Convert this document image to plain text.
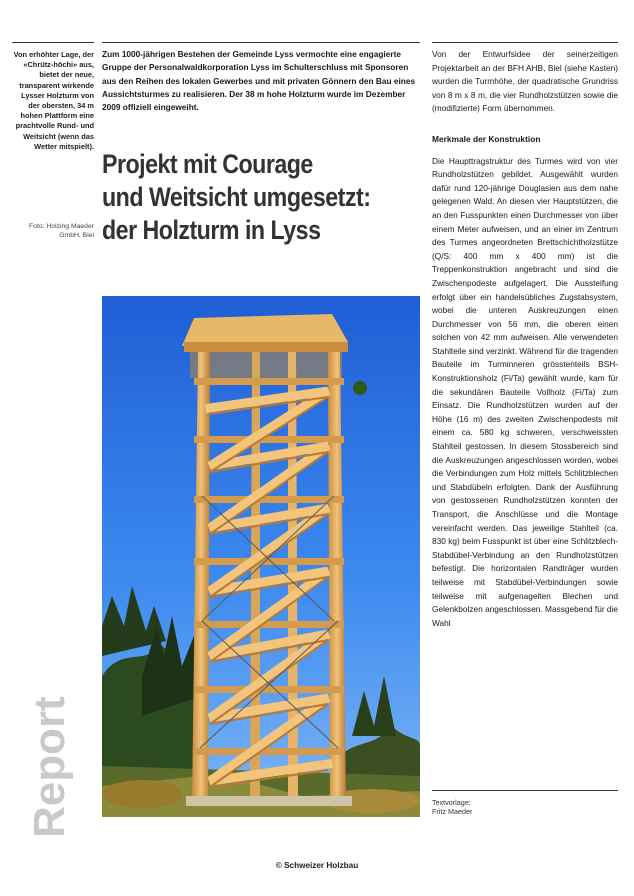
Von erhöhter Lage, der «Chrütz-höchi» aus, bietet der neue, transparent wirkende Lysser Holzturm von der obersten, 34 m hohen Plattform eine prachtvolle Rund- und Weitsicht (wenn das Wetter mitspielt).
Foto: Holzing Maeder GmbH, Biel
Report
Zum 1000-jährigen Bestehen der Gemeinde Lyss vermochte eine engagierte Gruppe der Personalwaldkorporation Lyss im Schulterschluss mit Sponsoren aus den Reihen des lokalen Gewerbes und mit privaten Gönnern den Bau eines Aussichtsturmes zu realisieren. Der 38 m hohe Holzturm wurde im Dezember 2009 offiziell eingeweiht.
Projekt mit Courage
und Weitsicht umgesetzt:
der Holzturm in Lyss

Von der Entwurfsidee der seinerzeitigen Projektarbeit an der BFH AHB, Biel (siehe Kasten) wurden die Turmhöhe, der quadratische Grundriss von 8 m x 8 m, die vier Rundholzstützen sowie die (modifizierte) Form übernommen.

Merkmale der Konstruktion

Die Haupttragstruktur des Turmes wird von vier Rundholzstützen gebildet. Ausgewählt wurden dafür rund 120-jährige Douglasien aus dem nahe gelegenen Wald. An diesen vier Hauptstützen, die an den Fusspunkten einen Durchmesser von über einem Meter aufweisen, und an einer im Zentrum des Turmes angeordneten Brettschichtholzstütze (Q/S: 400 mm x 400 mm) ist die Treppenkonstruktion angebracht und sind die Zwischenpodeste aufgelagert. Die Aussteifung erfolgt über ein handelsübliches Zugstabsystem, wobei die unteren Auskreuzungen einen Durchmesser von 56 mm, die oberen einen solchen von 42 mm aufweisen. Alle verwendeten Stahlteile sind verzinkt. Während für die tragenden Bauteile im Turminneren grösstenteils BSH-Konstruktionsholz (Fi/Ta) gewählt wurde, kam für die sekundären Bauteile Vollholz (Fi/Ta) zum Einsatz. Die Rundholzstützen wurden auf der Höhe (16 m) des zweiten Zwischenpodests mit einem ca. 580 kg schweren, verschweissten Stahlteil gestossen. In diesem Stossbereich sind die Auskreuzungen angeschlossen worden, wobei die Verbindungen zum Holz mittels Schlitzblechen und Stabdübeln erfolgten. Dank der Ausführung von gestossenen Rundholzstützen konnten der Transport, die Anschlüsse und die Montage vereinfacht werden. Das jeweilige Stahlteil (ca. 830 kg) beim Fusspunkt ist über eine Schlitzblech-Stabdübel-Verbindung an den Rundholzstützen befestigt. Die horizontalen Randträger wurden teilweise mit Stabdübel-Verbindungen sowie teilweise mit aufgenagelten Blechen und Gelenkbolzen angeschlossen. Massgebend für die Wahl

Textvorlage:
Fritz Maeder
© Schweizer Holzbau
